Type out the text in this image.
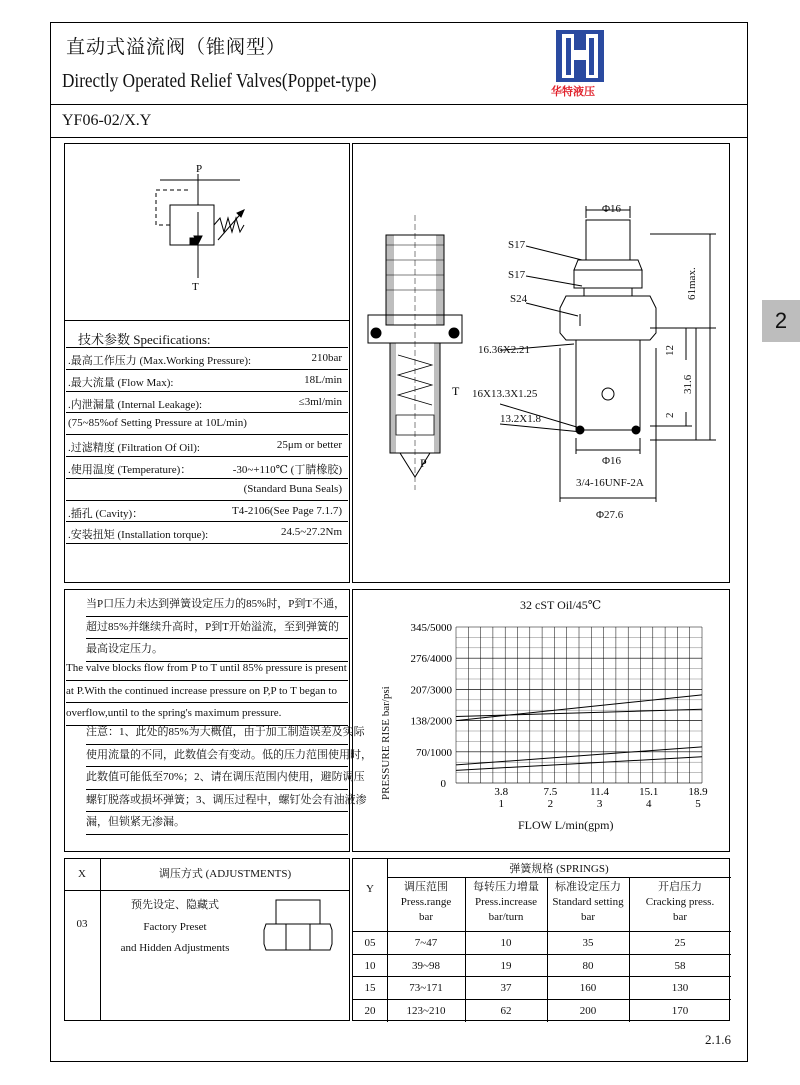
直动式溢流阀（锥阀型）
Directly Operated Relief Valves(Poppet-type)	华特液压
YF06-02/X.Y
2
P
T
技术参数 Specifications:
.最高工作压力 (Max.Working Pressure):	210bar
.最大流量 (Flow Max):	18L/min
.内泄漏量 (Internal Leakage):	≤3ml/min
(75~85%of Setting Pressure at 10L/min)
.过滤精度 (Filtration Of Oil):	25μm or better
.使用温度 (Temperature)：	-30~+110℃ (丁腈橡胶)
(Standard Buna Seals)
.插孔 (Cavity)：	T4-2106(See Page 7.1.7)
.安装扭矩 (Installation torque):	24.5~27.2Nm
T
P
Φ16
S17
S17
S24
16.36X2.21
16X13.3X1.25
13.2X1.8
Φ16
3/4-16UNF-2A
Φ27.6
61max.
12
31.6
2
当P口压力未达到弹簧设定压力的85%时，P到T不通，
超过85%并继续升高时，P到T开始溢流，至到弹簧的
最高设定压力。
The valve blocks flow from P to T until 85% pressure is present
at P.With the continued increase pressure on P,P to T began to
overflow,until to the spring's maximum pressure.
注意：1、此处的85%为大概值，由于加工制造误差及实际
使用流量的不同，此数值会有变动。低的压力范围使用时，
此数值可能低至70%；2、请在调压范围内使用，避防调压
螺钉脱落或损坏弹簧；3、调压过程中，螺钉处会有油液渗
漏，但锁紧无渗漏。
32 cST Oil/45℃
PRESSURE RISE bar/psi
FLOW L/min(gpm)
345/5000
276/4000
207/3000
138/2000
70/1000
0
3.8
1
7.5
2
11.4
3
15.1
4
18.9
5
X	调压方式 (ADJUSTMENTS)
03
预先设定、隐藏式
Factory Preset
and Hidden Adjustments
Y
弹簧规格 (SPRINGS)
调压范围
Press.range
bar
每转压力增量
Press.increase
bar/turn
标准设定压力
Standard setting
bar
开启压力
Cracking press.
bar
05	7~47	10	35	25
10	39~98	19	80	58
15	73~171	37	160	130
20	123~210	62	200	170
2.1.6
